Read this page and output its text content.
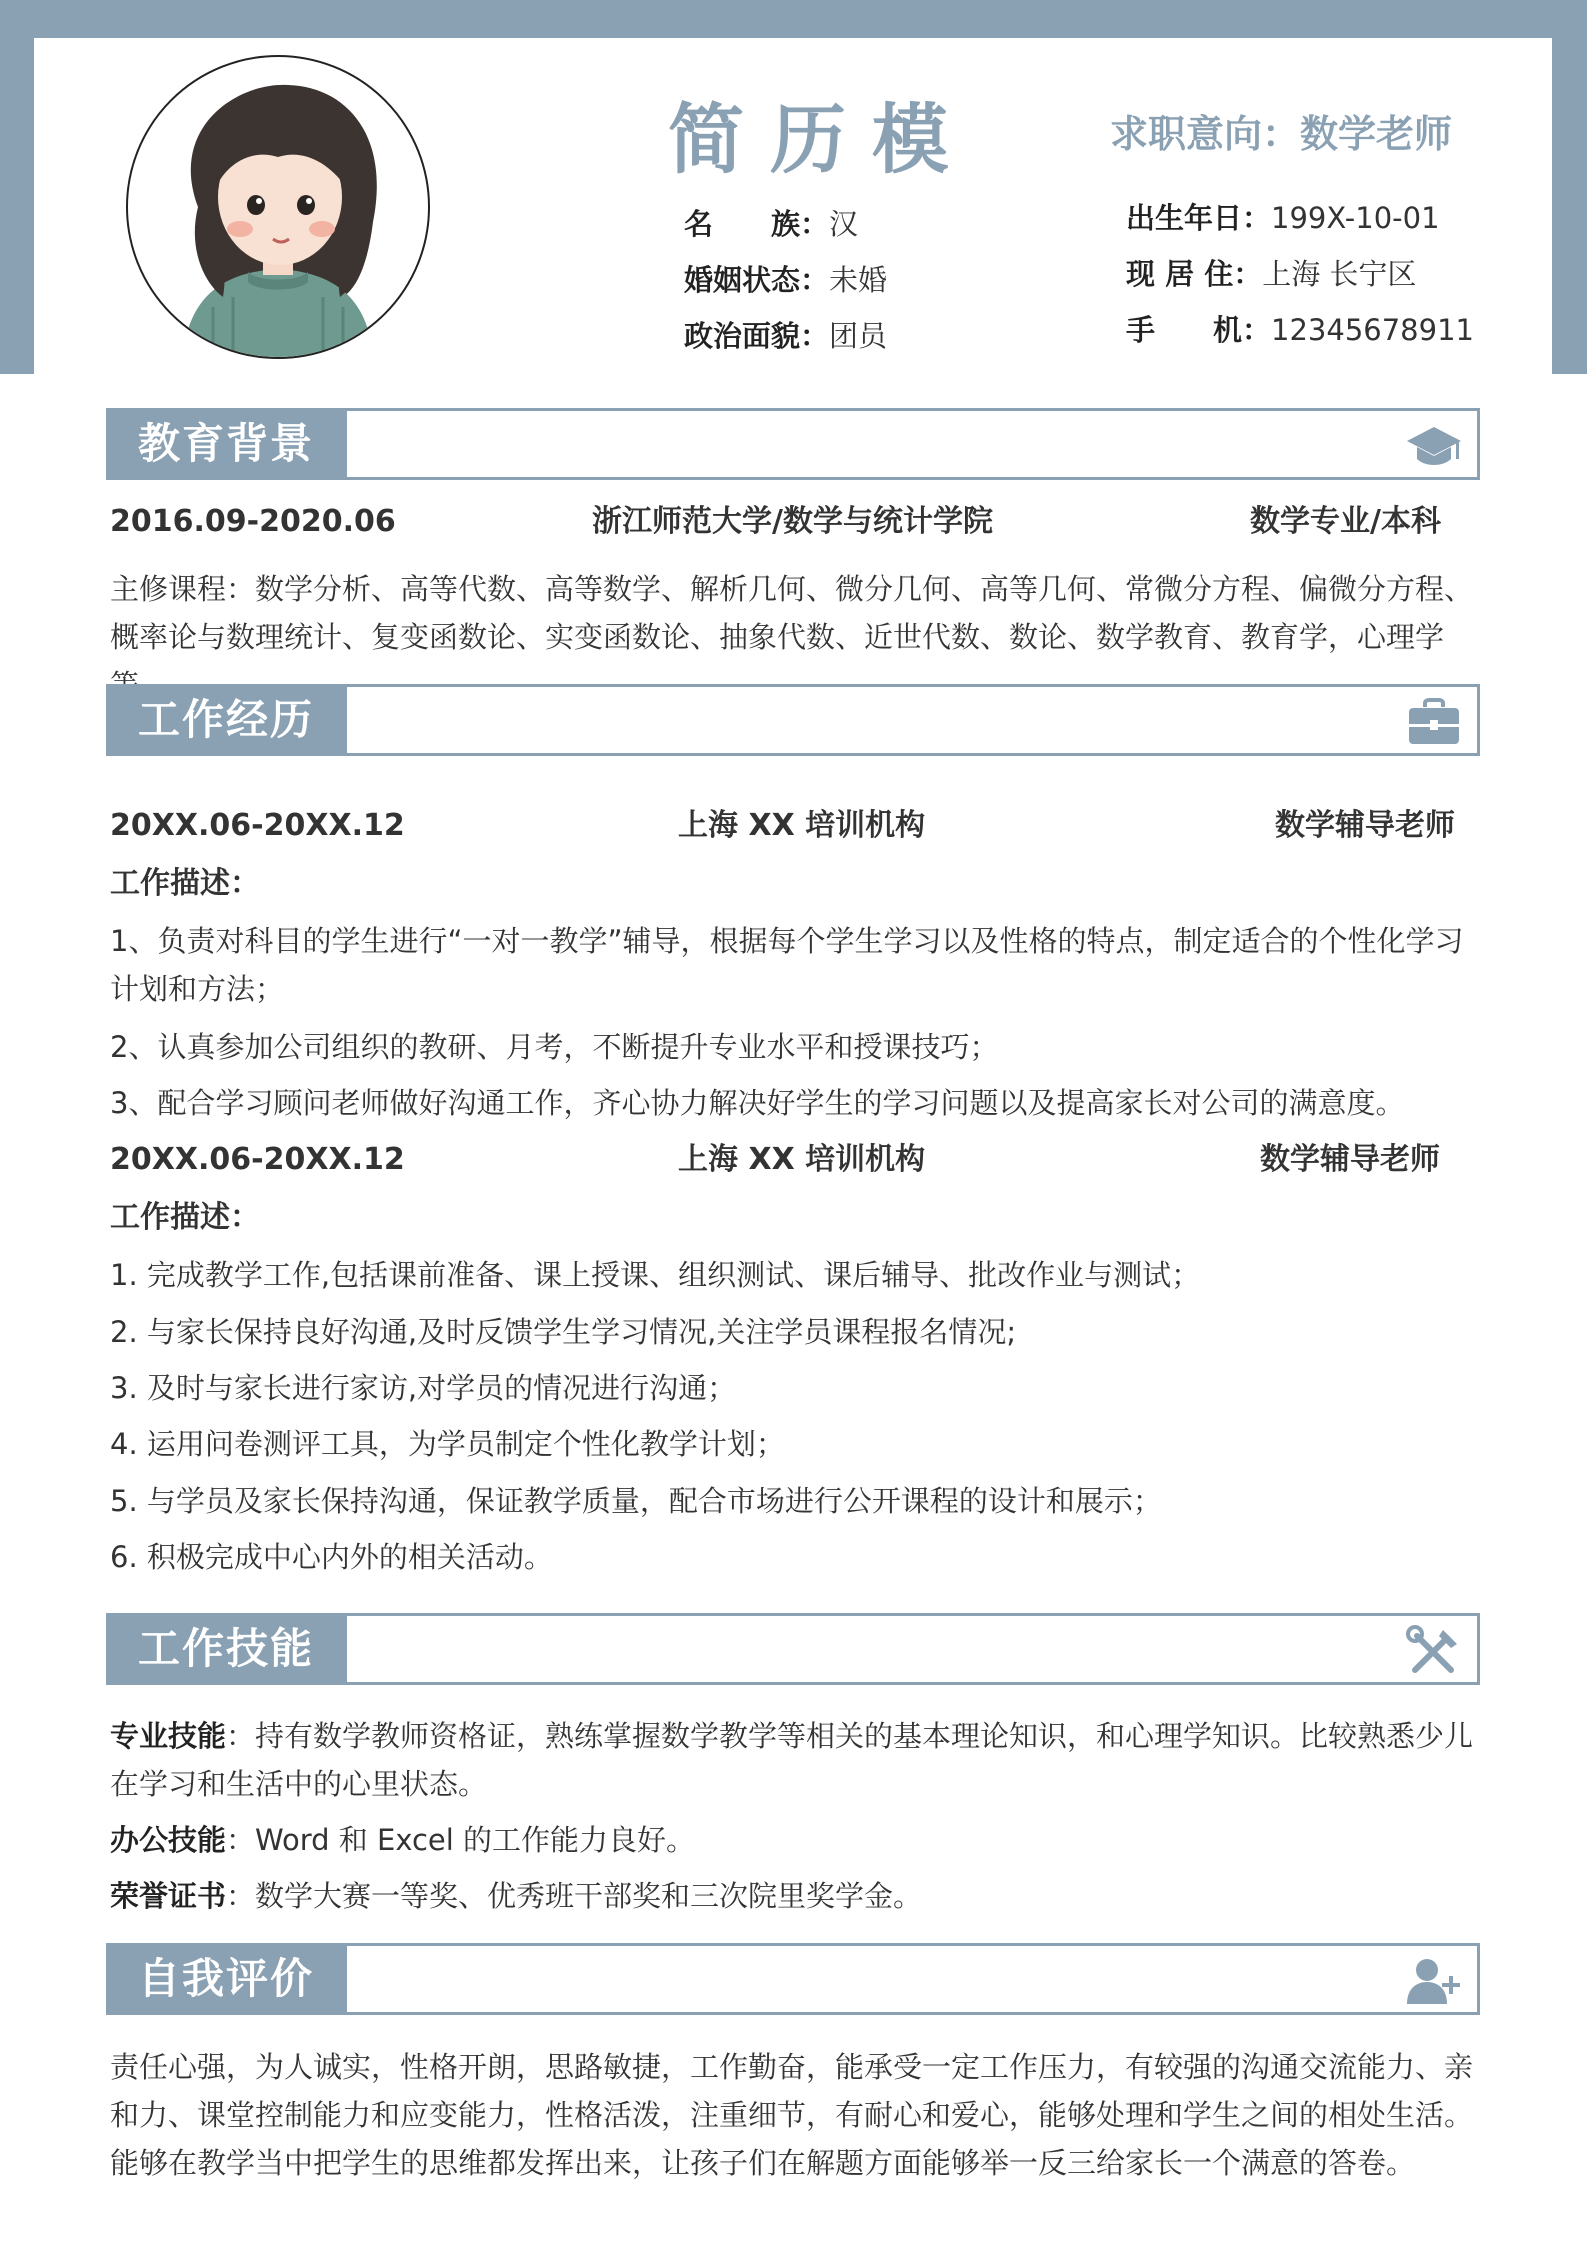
简历模	求职意向：数学老师
名　　族：汉
婚姻状态：未婚
政治面貌：团员
出生年日：199X-10-01
现 居 住：上海 长宁区
手　　机：12345678911
教育背景
2016.09-2020.06	浙江师范大学/数学与统计学院	数学专业/本科

主修课程：数学分析、高等代数、高等数学、解析几何、微分几何、高等几何、常微分方程、偏微分方程、概率论与数理统计、复变函数论、实变函数论、抽象代数、近世代数、数论、数学教育、教育学，心理学

工作经历
20XX.06-20XX.12	上海 XX 培训机构	数学辅导老师

工作描述：

1、负责对科目的学生进行“一对一教学”辅导，根据每个学生学习以及性格的特点，制定适合的个性化学习计划和方法；

2、认真参加公司组织的教研、月考，不断提升专业水平和授课技巧；

3、配合学习顾问老师做好沟通工作，齐心协力解决好学生的学习问题以及提高家长对公司的满意度。

20XX.06-20XX.12	上海 XX 培训机构	数学辅导老师

工作描述：

1. 完成教学工作,包括课前准备、课上授课、组织测试、课后辅导、批改作业与测试；

2. 与家长保持良好沟通,及时反馈学生学习情况,关注学员课程报名情况;

3. 及时与家长进行家访,对学员的情况进行沟通；

4. 运用问卷测评工具，为学员制定个性化教学计划；

5. 与学员及家长保持沟通，保证教学质量，配合市场进行公开课程的设计和展示；

6. 积极完成中心内外的相关活动。

工作技能

专业技能：持有数学教师资格证，熟练掌握数学教学等相关的基本理论知识，和心理学知识。比较熟悉少儿在学习和生活中的心里状态。

办公技能：Word 和 Excel 的工作能力良好。

荣誉证书：数学大赛一等奖、优秀班干部奖和三次院里奖学金。

自我评价

责任心强，为人诚实，性格开朗，思路敏捷，工作勤奋，能承受一定工作压力，有较强的沟通交流能力、亲和力、课堂控制能力和应变能力，性格活泼，注重细节，有耐心和爱心，能够处理和学生之间的相处生活。能够在教学当中把学生的思维都发挥出来，让孩子们在解题方面能够举一反三给家长一个满意的答卷。
